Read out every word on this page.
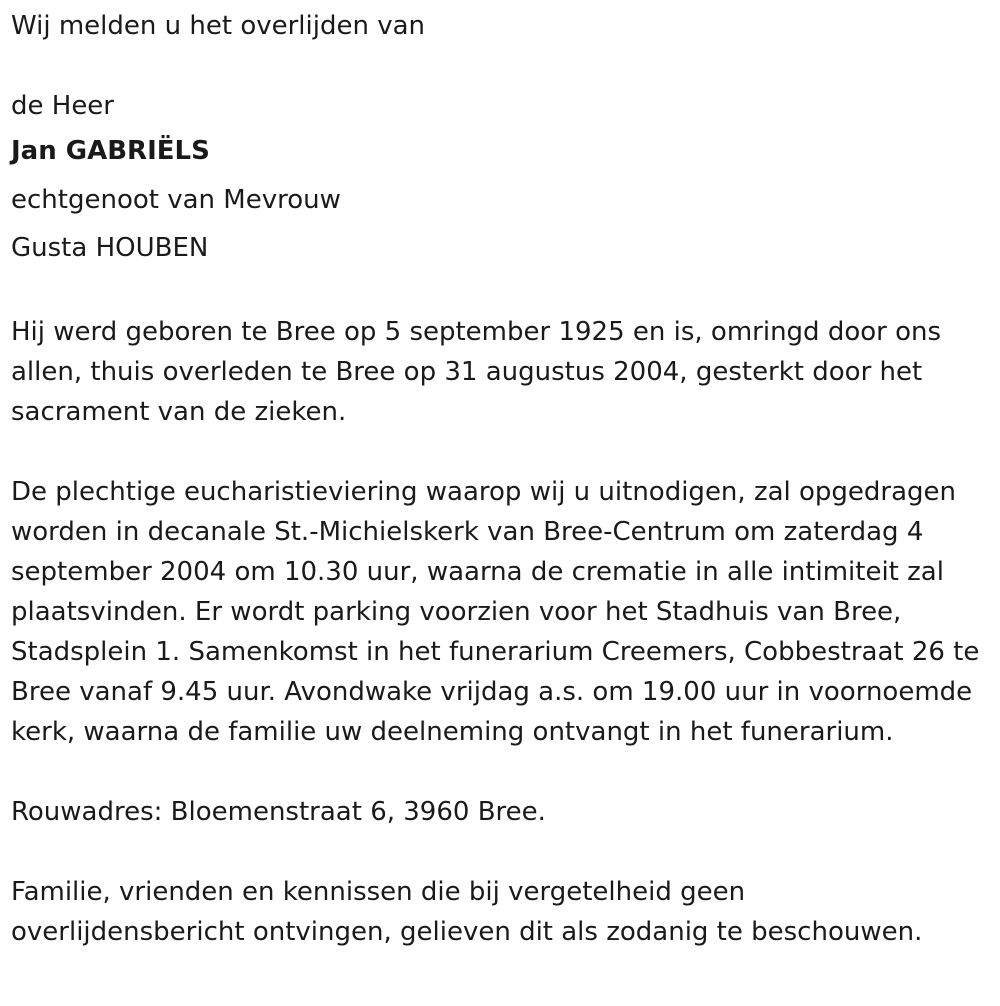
Wij melden u het overlijden van

de Heer

Jan GABRIËLS

echtgenoot van Mevrouw

Gusta HOUBEN

Hij werd geboren te Bree op 5 september 1925 en is, omringd door ons allen, thuis overleden te Bree op 31 augustus 2004, gesterkt door het sacrament van de zieken.

De plechtige eucharistieviering waarop wij u uitnodigen, zal opgedragen worden in decanale St.-Michielskerk van Bree-Centrum om zaterdag 4 september 2004 om 10.30 uur, waarna de crematie in alle intimiteit zal plaatsvinden. Er wordt parking voorzien voor het Stadhuis van Bree, Stadsplein 1. Samenkomst in het funerarium Creemers, Cobbestraat 26 te Bree vanaf 9.45 uur. Avondwake vrijdag a.s. om 19.00 uur in voornoemde kerk, waarna de familie uw deelneming ontvangt in het funerarium.

Rouwadres: Bloemenstraat 6, 3960 Bree.

Familie, vrienden en kennissen die bij vergetelheid geen overlijdensbericht ontvingen, gelieven dit als zodanig te beschouwen.
